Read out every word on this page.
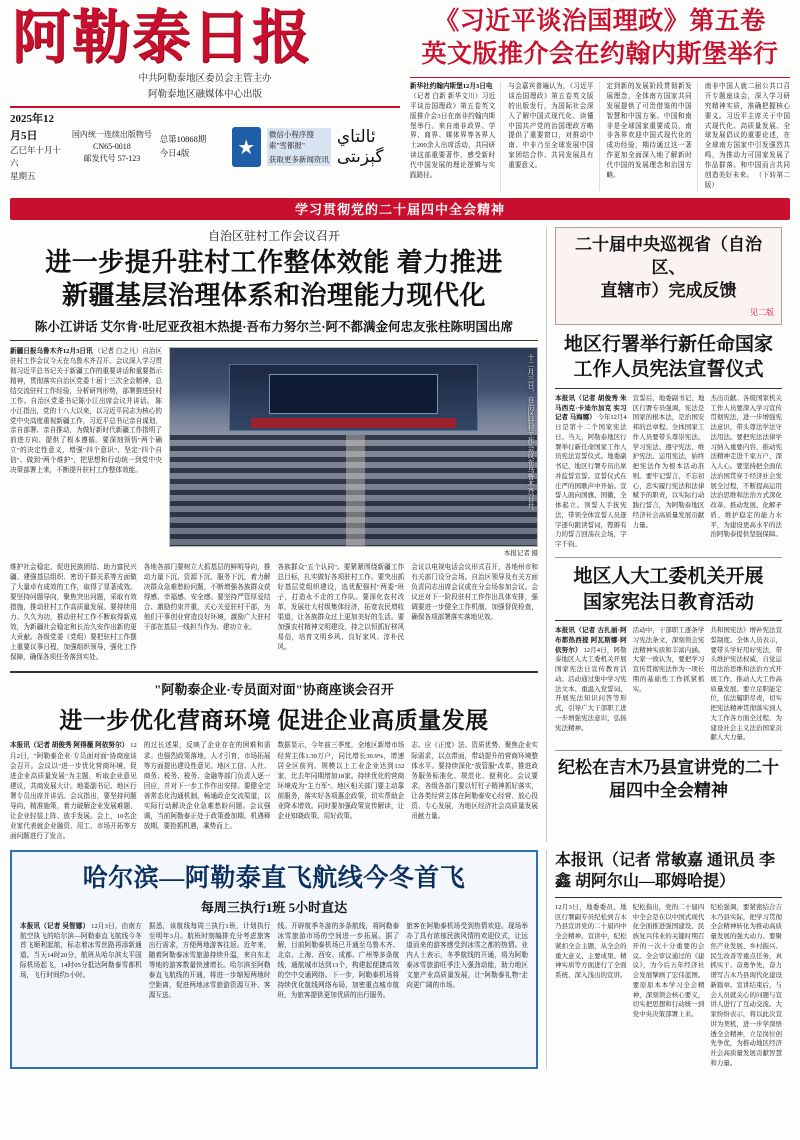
阿勒泰日报
中共阿勒泰地区委员会主管主办
阿勒泰地区融媒体中心出版
2025年12月5日
乙巳年十月十六
星期五
国内统一连续出版物号 CN65-0018
邮发代号 57-123
总第10868期
今日4版	★
微信小程序搜索"雪都报"
获取更多新闻资讯
ئالتاي گېزىتى
《习近平谈治国理政》第五卷
英文版推介会在约翰内斯堡举行
新华社约翰内斯堡12月3日电
（记者 白新 新华文川）习近平谈治国理政》第五卷英文版推介会3日在南非约翰内斯堡举行。来自南非政界、学界、商界、媒体界等各界人士200余人出席活动，共同研读这部重要著作，感受新时代中国发展的理论逻辑与实践路径。
与会嘉宾普遍认为，《习近平谈治国理政》第五卷英文版的出版发行，为国际社会深入了解中国式现代化、读懂中国共产党的治国理政方略提供了重要窗口，对推动中南、中非乃至全球发展中国家团结合作、共同发展具有重要意义。
定到新的发展阶段贯彻新发展理念，全体南方国家共同发展提供了可贵借鉴的中国智慧和中国方案。中国和南非是全球国家重要成员，南非各界欢迎中国式现代化的成功经验，期待通过这一著作更加全面深入地了解新时代中国的发展理念和治国方略。
南非中国人就二届公共口召开专题座谈会，深入学习研究精神实质，准确把握核心要义。习近平主席关于中国式现代化、高质量发展、全球发展倡议的重要论述，在全球南方国家中引发强烈共鸣，为推动力可国家发展了作品群落。和中国而言共同创造美好未来。 （下转第二版）
学习贯彻党的二十届四中全会精神
自治区驻村工作会议召开
进一步提升驻村工作整体效能 着力推进
新疆基层治理体系和治理能力现代化
陈小江讲话 艾尔肯·吐尼亚孜祖木热提·吾布力努尔兰·阿不都满金何忠友张柱陈明国出席
新疆日报乌鲁木齐12月3日讯 （记者 白之凡）自治区驻村工作会议今天在乌鲁木齐召开。会议深入学习贯彻习近平总书记关于新疆工作的重要讲话和重要指示精神，贯彻落实自治区党委十届十三次全会精神，总结交流驻村工作经验，分析研判形势，部署推进驻村工作。自治区党委书记陈小江出席会议并讲话。 陈小江指出，党的十八大以来，以习近平同志为核心的党中央高度重视新疆工作，习近平总书记亲自谋划、亲自部署、亲自推动，为做好新时代新疆工作指明了前进方向、提供了根本遵循。要深刻领悟"两个确立"的决定性意义，增强"四个意识"、坚定"四个自信"、做到"两个维护"，把思想和行动统一到党中央决策部署上来，不断提升驻村工作整体效能。	十二月三日，自治区驻村工作会议在乌鲁木齐召开。
本报记者 摄
维护社会稳定、促进民族团结、助力富民兴疆、建强基层组织、密切干群关系等方面做了大量卓有成效的工作，取得了显著成效。要坚持问题导向，聚焦突出问题，采取有效措施，推动驻村工作高质量发展。要持续用力、久久为功，推动驻村工作不断取得新成效，为新疆社会稳定和长治久安作出新的更大贡献。各级党委（党组）要把驻村工作摆上重要议事日程，加强组织领导，强化工作保障，确保各项任务落到实处。
各地各部门要树立大抓基层的鲜明导向，推动力量下沉、资源下沉、服务下沉，着力解决群众急难愁盼问题，不断增强各族群众获得感、幸福感、安全感。要坚持严管厚爱结合、激励约束并重，关心关爱驻村干部，为他们干事创业营造良好环境，激励广大驻村干部在基层一线担当作为、建功立业。
各族群众"五个认同"。要紧紧围绕新疆工作总目标，扎实做好各项驻村工作。要突出抓好基层党组织建设，选优配强村"两委"班子，打造永不走的工作队。要深化农村改革，发展壮大村级集体经济，拓宽农民增收渠道，让各族群众过上更加美好的生活。要加强农村精神文明建设，持之以恒抓好移风易俗，培育文明乡风、良好家风、淳朴民风。
会议以电视电话会议形式召开，各地州市和有关部门设分会场。自治区领导及有关方面负责同志出席会议或在分会场参加会议。会议还对下一阶段驻村工作作出具体安排，强调要进一步健全工作机制，加强督促检查，确保各项部署落实落地见效。
"阿勒泰企业·专员面对面"协商座谈会召开
进一步优化营商环境 促进企业高质量发展
本报讯（记者 胡俊秀 阿得薇 阿依努尔） 12月2日，"阿勒泰企业·专员面对面"协商座谈会召开。会议以"进一步优化营商环境，促进企业高质量发展"为主题，听取企业意见建议，共商发展大计。地委副书记、地区行署专员出席并讲话。会议指出，要坚持问题导向，精准施策，着力破解企业发展难题，让企业轻装上阵、放手发展。会上，10名企业家代表就企业融资、用工、市场开拓等方面问题进行了发言。
的过长述果，反映了企业存在的困难和需求。也强烈政策落地，人才引育，市场拓展等方面提出建设性意见。地区工信、人社、商务、税务、税务、金融等部门负责人逐一回应，并对下一步工作作出安排。要健全完善常态化沟通机制，畅通政企交流渠道，以实际行动解决企业急难愁盼问题。会议强调，当前阿勒泰正处于政策叠加期、机遇释放期，要抢抓机遇，乘势而上。
数据显示，今年前三季度，全地区新增市场经营主体1.39万户，同比增长30.9%，增速居全区前列。规模以上工业企业达到132家，比去年同期增加18家。持续优化的营商环境成为"主力军"。地区相关部门要主动靠前服务，落实好各项惠企政策，切实帮助企业降本增效。同时要加强政策宣传解读，让企业知晓政策、用好政策。
志、应《正度》法、资质优势、聚焦企业实际需求，以点带面，带动提升的营商环境整体水平。要持续深化"放管服"改革，推进政务服务标准化、规范化、便利化。会议要求，各级各部门要以钉钉子精神抓好落实，让各类经营主体在阿勒泰安心经营、放心投资、专心发展，为地区经济社会高质量发展贡献力量。
二十届中央巡视省（自治区、
直辖市）完成反馈
见二版
地区行署举行新任命国家
工作人员宪法宣誓仪式
本报讯（记者 胡俊秀 朱马西克·卡迪尔加克 实习记者 马海娜） 今年12月4日是第十二个国家宪法日。当天，阿勒泰地区行署举行新任命国家工作人员宪法宣誓仪式。地委副书记、地区行署专员出席并监誓宣誓。宣誓仪式在庄严的国歌声中开始。宣誓人面向国旗、国徽，全体起立。领誓人手抚宪法，带领全体宣誓人员逐字逐句跟读誓词，铿锵有力的誓言回荡在会场，字字千钧。
宣誓后，地委副书记、地区行署专员强调，宪法是国家的根本法，是治国安邦的总章程。全体国家工作人员要带头尊崇宪法、学习宪法、遵守宪法、维护宪法、运用宪法，始终把宪法作为根本活动准则。要牢记誓言、不忘初心，忠实履行宪法和法律赋予的职责，以实际行动践行誓言，为阿勒泰地区经济社会高质量发展贡献力量。
杰出贡献。各级国家机关工作人员要深入学习宣传贯彻宪法，进一步增强宪法意识，带头尊法学法守法用法。要把宪法法律学习纳入重要内容，推动宪法精神走进千家万户、深入人心。要坚持把全面依法治国贯穿于经济社会发展全过程，不断提高运用法治思维和法治方式深化改革、推动发展、化解矛盾、维护稳定的能力水平，为建设更高水平的法治阿勒泰提供坚强保障。
地区人大工委机关开展
国家宪法日教育活动
本报讯（记者 古扎丽·阿布都热西提 阿瓦斯娜·阿依努尔） 12月4日，阿勒泰地区人大工委机关开展国家宪法日宣传教育活动。活动通过集中学习宪法文本、重温入党誓词、开展宪法知识问答等形式，引导广大干部职工进一步增强宪法意识，弘扬宪法精神。
活动中，干部职工逐条学习宪法条文，深刻领会宪法精神实质和丰富内涵。大家一致认为，要把学习宣传贯彻宪法作为一项长期的基础性工作抓紧抓实。
共和国宪法》增补宪法宣誓制度。全体人员表示，要带头学好用好宪法，带头维护宪法权威，自觉运用法治思维和法治方式开展工作，推动人大工作高质量发展。要立足职能定位，依法履职尽责，切实把宪法精神贯彻落实到人大工作各方面全过程，为建设社会主义法治国家贡献人大力量。
纪松在吉木乃县宣讲党的二十届四中全会精神
哈尔滨—阿勒泰直飞航线今冬首飞
每周三执行1班 5小时直达
本报讯（记者 吴智娜） 12月3日，由南方航空执飞的哈尔滨—阿勒泰直飞航线今冬首飞顺利起航，标志着冰雪丝路再添新通道。当天14时20分，航班从哈尔滨太平国际机场起飞，14时05分抵达阿勒泰雪都机场，飞行时间约5小时。
据悉，该航线每周三执行1班，计划执行至明年3月。航班时刻编排充分考虑旅客出行需求，方便两地游客往返。近年来，随着阿勒泰冰雪旅游持续升温，来自东北等地的游客数量快速增长。哈尔滨至阿勒泰直飞航线的开通，将进一步缩短两地时空距离，促进两地冰雪旅游资源互补、客源互送。
线。开辟航季冬游的多条航线，将阿勒泰冰雪旅游市场的空间进一步拓展。据了解，目前阿勒泰机场已开通至乌鲁木齐、北京、上海、西安、成都、广州等多条航线，通航城市达到13个，构建起便捷高效的空中交通网络。下一步，阿勒泰机场将持续优化航线网络布局，加密重点城市航班，为旅客提供更加优质的出行服务。
旅客在阿勒泰机场受到热情欢迎。现场举办了具有浓郁民族风情的欢迎仪式，让远道而来的游客感受到冰雪之都的热情。业内人士表示，冬季航线的开通，将为阿勒泰冰雪旅游旺季注入强劲动能，助力地区文旅产业高质量发展，让"阿勒泰礼物"走向更广阔的市场。
本报讯（记者 常敏嘉 通讯员 李鑫 胡阿尔山—耶姆哈提）
12月3日，地委委员、地区行署副专员纪松到吉木乃县宣讲党的二十届四中全会精神。宣讲中，纪松紧扣全会主题，从全会的重大意义、主要成果、精神实质等方面进行了全面系统、深入浅出的宣讲。
纪松指出，党的二十届四中全会是在以中国式现代化全面推进强国建设、民族复兴伟业的关键时期召开的一次十分重要的会议。全会审议通过的《建议》，为今后五年经济社会发展擘画了宏伟蓝图。要原原本本学习全会精神，深刻领会核心要义，切实把思想和行动统一到党中央决策部署上来。
纪松强调，要紧密结合吉木乃县实际，把学习贯彻全会精神转化为推动高质量发展的强大动力。要聚焦产业发展、乡村振兴、民生改善等重点任务，真抓实干、奋勇争先，奋力谱写吉木乃县现代化建设新篇章。宣讲结束后，与会人员就关心的问题与宣讲人进行了互动交流。大家纷纷表示，将以此次宣讲为契机，进一步学深悟透全会精神，立足岗位创先争优，为推动地区经济社会高质量发展贡献智慧和力量。
